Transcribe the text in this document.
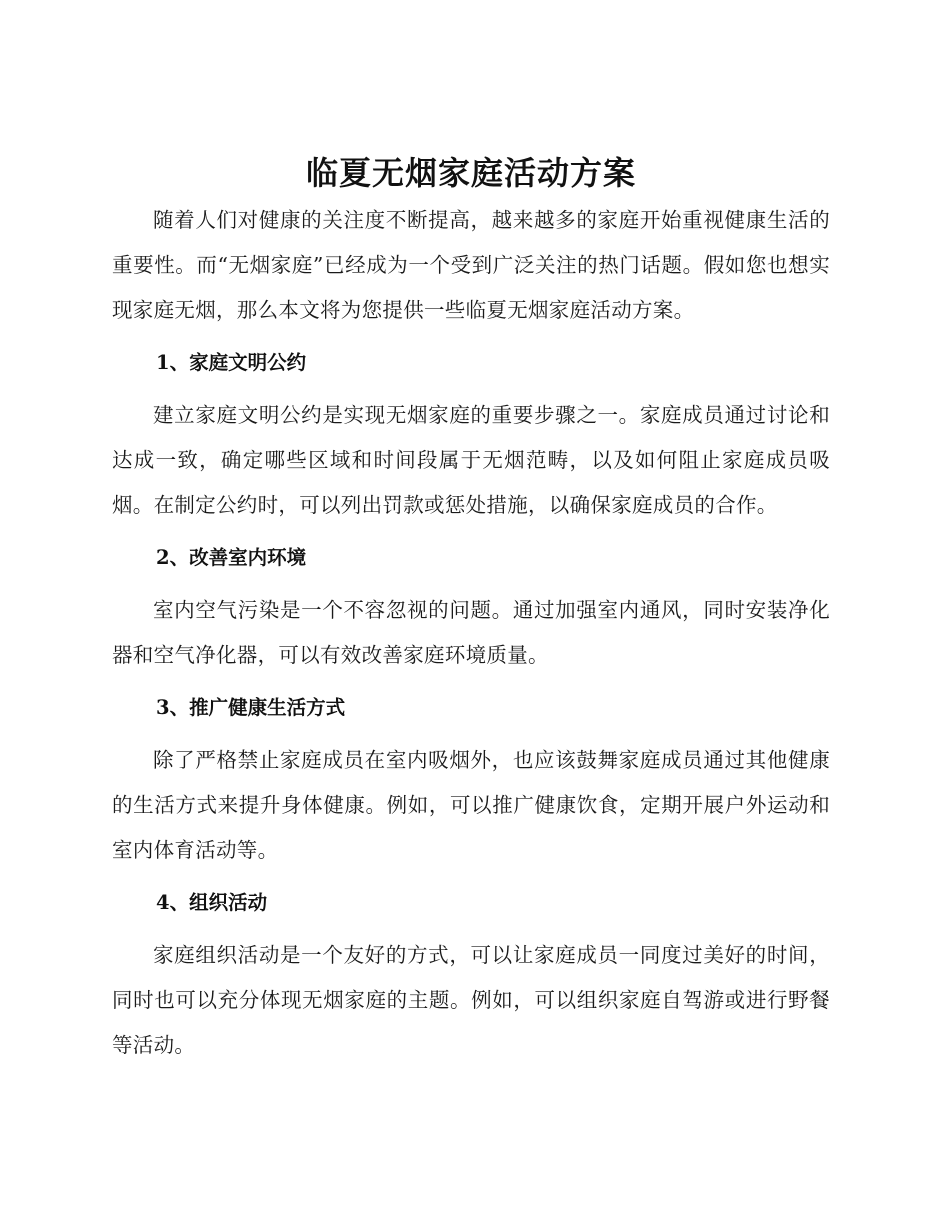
临夏无烟家庭活动方案

随着人们对健康的关注度不断提高，越来越多的家庭开始重视健康生活的重要性。而“无烟家庭”已经成为一个受到广泛关注的热门话题。假如您也想实现家庭无烟，那么本文将为您提供一些临夏无烟家庭活动方案。

1、家庭文明公约

建立家庭文明公约是实现无烟家庭的重要步骤之一。家庭成员通过讨论和达成一致，确定哪些区域和时间段属于无烟范畴，以及如何阻止家庭成员吸烟。在制定公约时，可以列出罚款或惩处措施，以确保家庭成员的合作。

2、改善室内环境

室内空气污染是一个不容忽视的问题。通过加强室内通风，同时安装净化器和空气净化器，可以有效改善家庭环境质量。

3、推广健康生活方式

除了严格禁止家庭成员在室内吸烟外，也应该鼓舞家庭成员通过其他健康的生活方式来提升身体健康。例如，可以推广健康饮食，定期开展户外运动和室内体育活动等。

4、组织活动

家庭组织活动是一个友好的方式，可以让家庭成员一同度过美好的时间，同时也可以充分体现无烟家庭的主题。例如，可以组织家庭自驾游或进行野餐等活动。
